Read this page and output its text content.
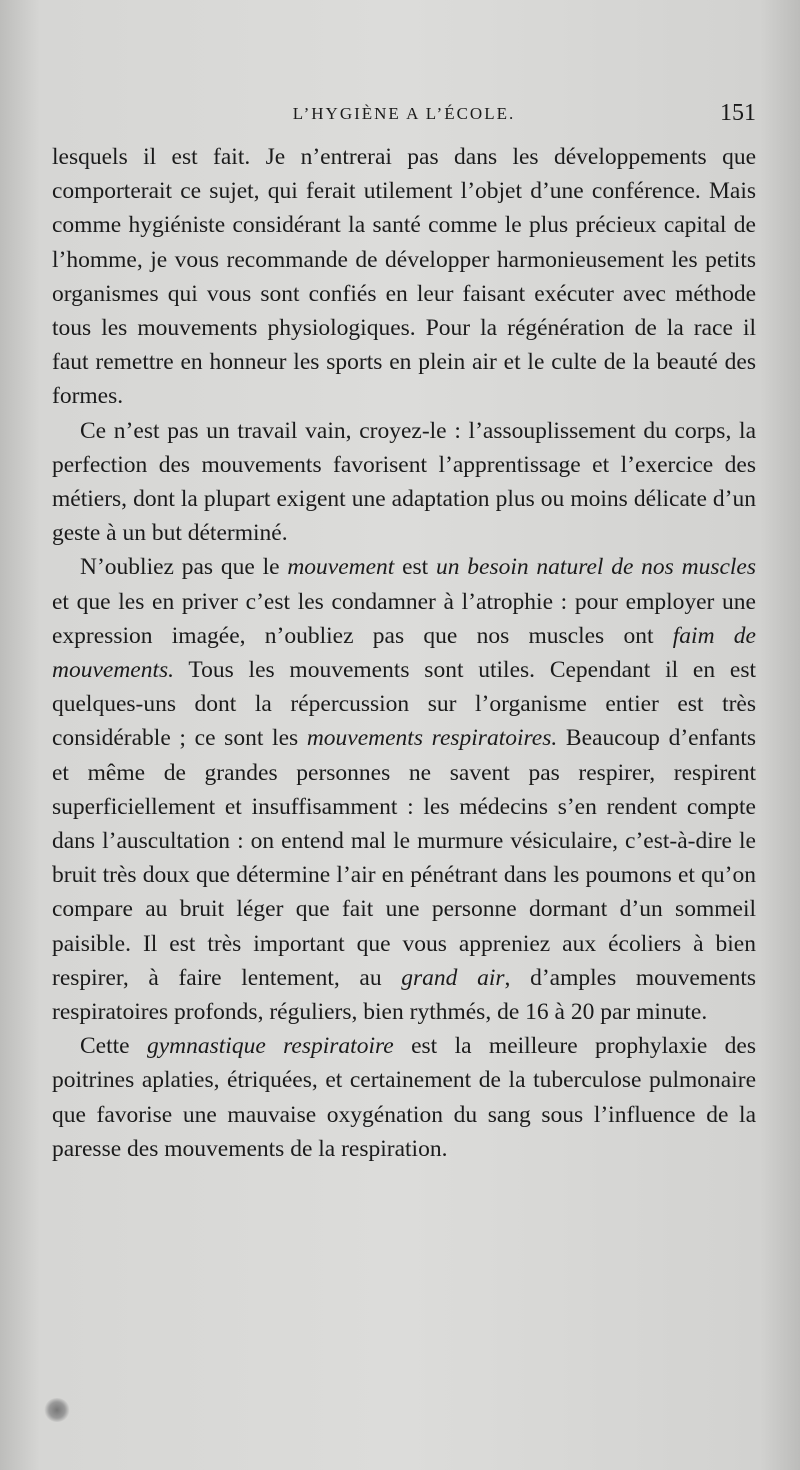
L’HYGIÈNE A L’ÉCOLE.	151

lesquels il est fait. Je n’entrerai pas dans les développements que comporterait ce sujet, qui ferait utilement l’objet d’une conférence. Mais comme hygiéniste considérant la santé comme le plus précieux capital de l’homme, je vous recommande de développer harmonieusement les petits organismes qui vous sont confiés en leur faisant exécuter avec méthode tous les mouvements physiologiques. Pour la régénération de la race il faut remettre en honneur les sports en plein air et le culte de la beauté des formes.

Ce n’est pas un travail vain, croyez-le : l’assouplissement du corps, la perfection des mouvements favorisent l’apprentissage et l’exercice des métiers, dont la plupart exigent une adaptation plus ou moins délicate d’un geste à un but déterminé.

N’oubliez pas que le mouvement est un besoin naturel de nos muscles et que les en priver c’est les condamner à l’atrophie : pour employer une expression imagée, n’oubliez pas que nos muscles ont faim de mouvements. Tous les mouvements sont utiles. Cependant il en est quelques-uns dont la répercussion sur l’organisme entier est très considérable ; ce sont les mouvements respiratoires. Beaucoup d’enfants et même de grandes personnes ne savent pas respirer, respirent superficiellement et insuffisamment : les médecins s’en rendent compte dans l’auscultation : on entend mal le murmure vésiculaire, c’est-à-dire le bruit très doux que détermine l’air en pénétrant dans les poumons et qu’on compare au bruit léger que fait une personne dormant d’un sommeil paisible. Il est très important que vous appreniez aux écoliers à bien respirer, à faire lentement, au grand air, d’amples mouvements respiratoires profonds, réguliers, bien rythmés, de 16 à 20 par minute.

Cette gymnastique respiratoire est la meilleure prophylaxie des poitrines aplaties, étriquées, et certainement de la tuberculose pulmonaire que favorise une mauvaise oxygénation du sang sous l’influence de la paresse des mouvements de la respiration.
